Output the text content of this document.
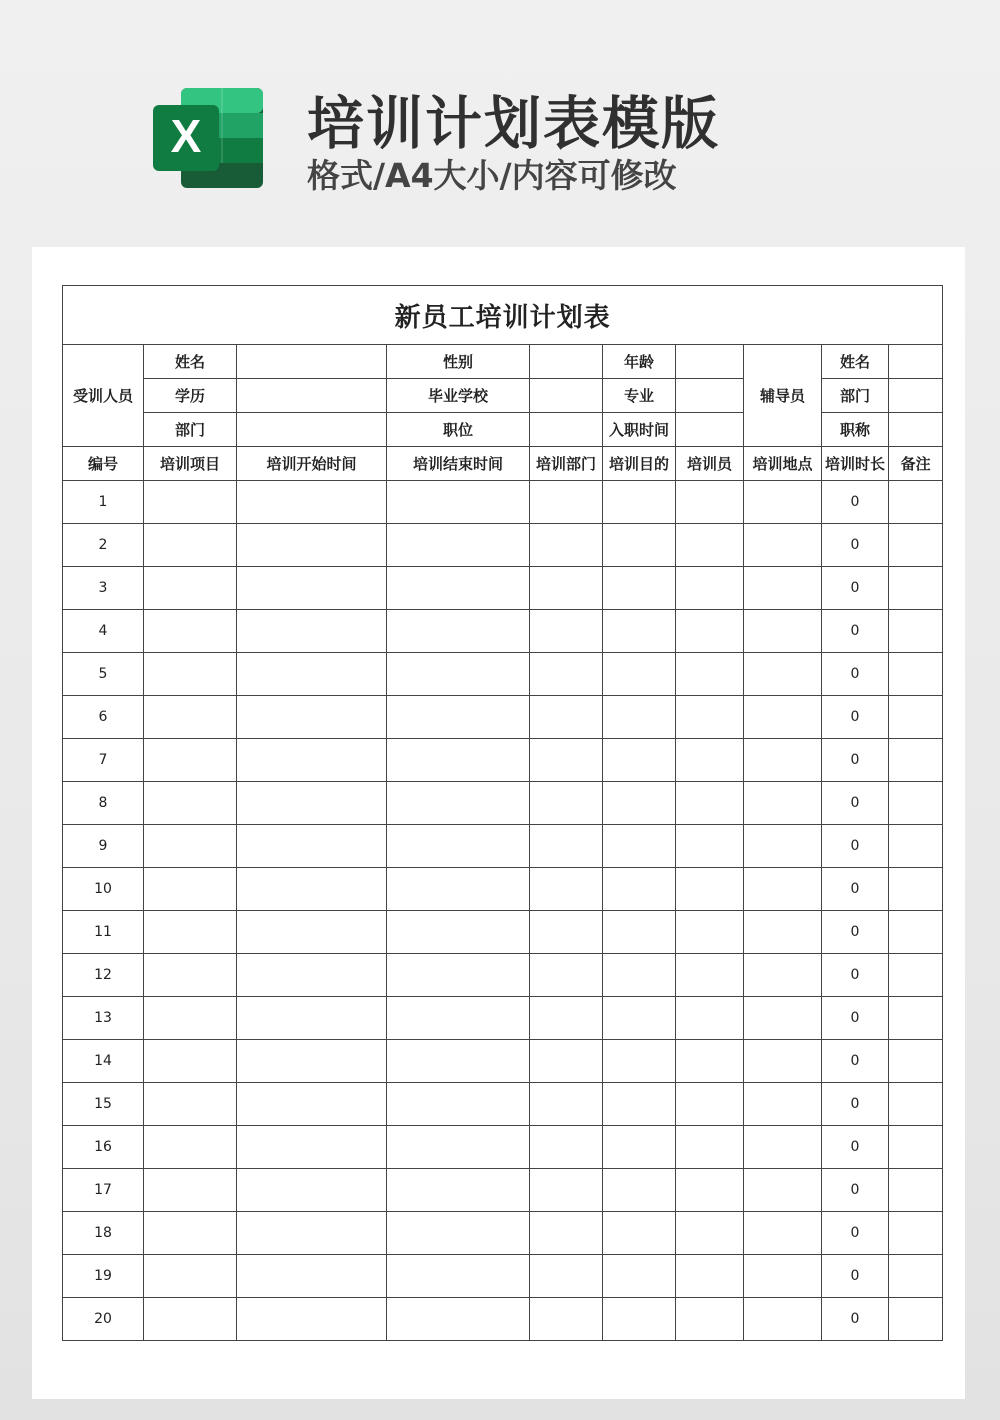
X 培训计划表模版
格式/A4大小/内容可修改
新员工培训计划表									
受训人员	姓名		性别		年龄		辅导员	姓名	
	学历		毕业学校		专业			部门	
	部门		职位		入职时间			职称	
编号	培训项目	培训开始时间	培训结束时间	培训部门	培训目的	培训员	培训地点	培训时长	备注
1								0	
2								0	
3								0	
4								0	
5								0	
6								0	
7								0	
8								0	
9								0	
10								0	
11								0	
12								0	
13								0	
14								0	
15								0	
16								0	
17								0	
18								0	
19								0	
20								0	
